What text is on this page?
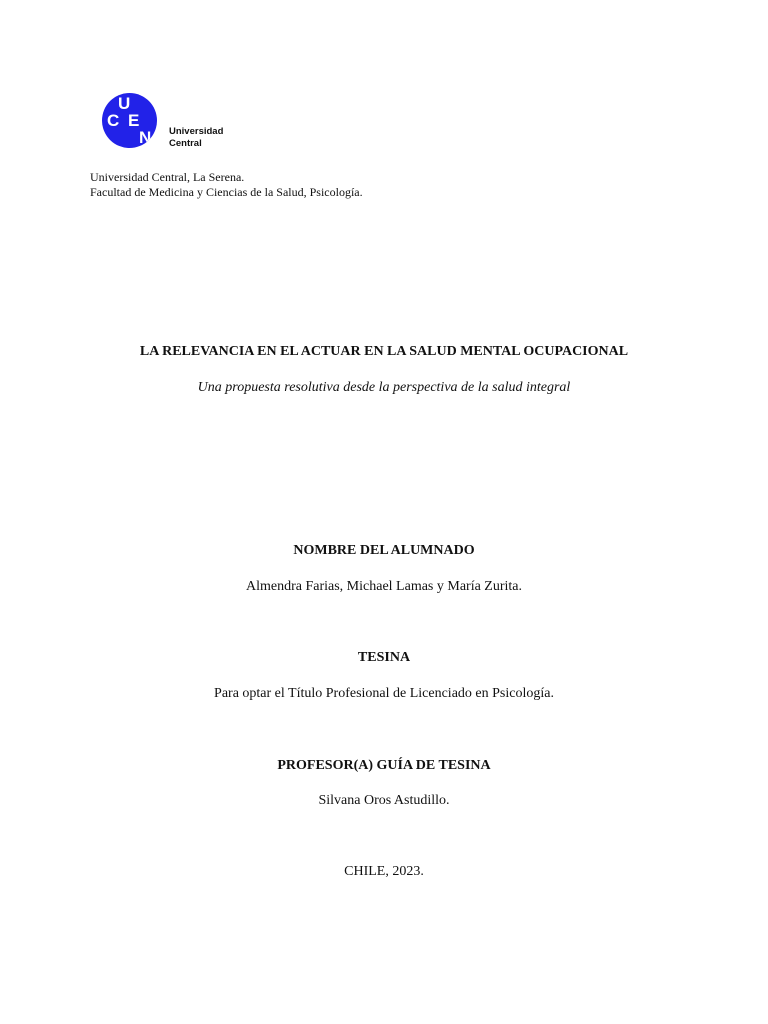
U
C E
N Universidad
Central
Universidad Central, La Serena.
Facultad de Medicina y Ciencias de la Salud, Psicología.
LA RELEVANCIA EN EL ACTUAR EN LA SALUD MENTAL OCUPACIONAL
Una propuesta resolutiva desde la perspectiva de la salud integral
NOMBRE DEL ALUMNADO
Almendra Farias, Michael Lamas y María Zurita.
TESINA
Para optar el Título Profesional de Licenciado en Psicología.
PROFESOR(A) GUÍA DE TESINA
Silvana Oros Astudillo.
CHILE, 2023.
